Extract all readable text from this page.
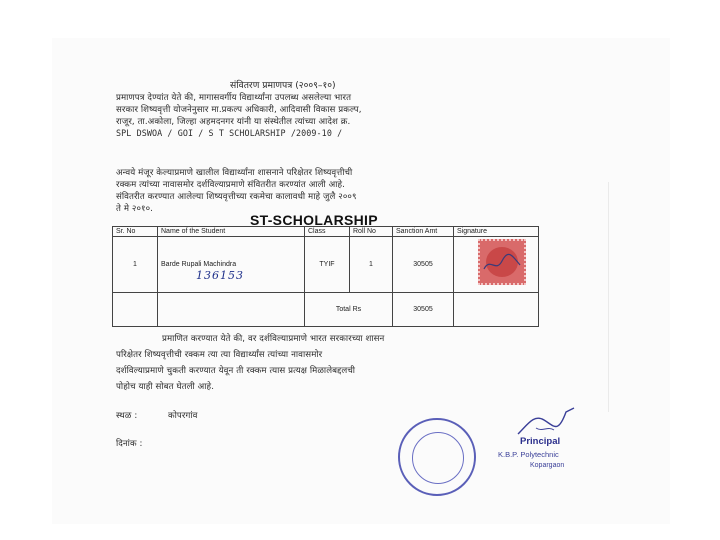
संवितरण प्रमाणपत्र (२००९–१०)
प्रमाणपत्र देण्यांत येते की, मागासवर्गीय विद्यार्थ्यांना उपलब्ध असलेल्या भारत
सरकार शिष्यवृत्ती योजनेनुसार मा.प्रकल्प अधिकारी, आदिवासी विकास प्रकल्प,
राजूर, ता.अकोला, जिल्हा अहमदनगर यांनी या संस्थेतील त्यांच्या आदेश क्र.
SPL DSWOA / GOI / S T SCHOLARSHIP /2009-10 /
अन्वये मंजूर केल्याप्रमाणे खालील विद्यार्थ्यांना शासनाने परिक्षेतर शिष्यवृत्तीची
रक्कम त्यांच्या नावासमोर दर्शविल्याप्रमाणे संवितरीत करण्यांत आली आहे.
संवितरीत करण्यात आलेल्या शिष्यवृत्तीच्या रकमेचा कालावधी माहे जुलै २००९
ते मे २०१०.
ST-SCHOLARSHIP
Sr. No	Name of the Student	Class	Roll No	Sanction Amt	Signature
1	Barde Rupali Machindra	TYIF	1	30505	
		Total Rs		30505	
136153
प्रमाणित करण्यात येते की, वर दर्शविल्याप्रमाणे भारत सरकारच्या शासन
परिक्षेतर शिष्यवृत्तीची रक्कम त्या त्या विद्यार्थ्यांस त्यांच्या नावासमोर
दर्शविल्याप्रमाणे चुकती करण्यात येवून ती रक्कम त्यास प्रत्यक्ष मिळालेबद्दलची
पोहोच याही सोबत घेतली आहे.
स्थळ :	कोपरगांव
दिनांक :	Principal
K.B.P. Polytechnic
Kopargaon
